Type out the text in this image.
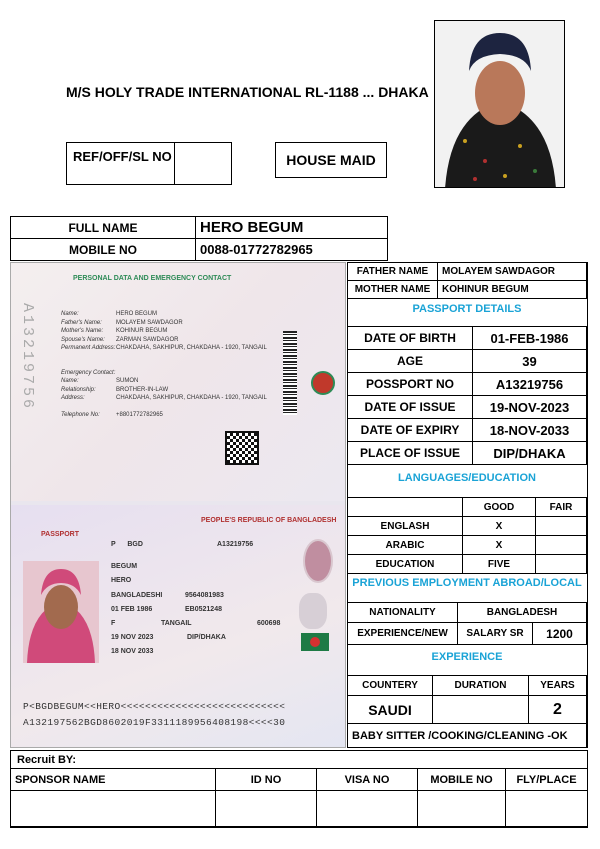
M/S HOLY TRADE INTERNATIONAL RL-1188 ... DHAKA
REF/OFF/SL NO	HOUSE MAID
FULL NAME	HERO BEGUM
MOBILE NO	0088-01772782965
PERSONAL DATA AND EMERGENCY CONTACT
A13219756	Name:	HERO BEGUM
Father's Name:	MOLAYEM SAWDAGOR
Mother's Name:	KOHINUR BEGUM
Spouse's Name:	ZARMAN SAWDAGOR
Permanent Address: CHAKDAHA, SAKHIPUR, CHAKDAHA - 1920, TANGAIL
Emergency Contact:
Name:	SUMON
Relationship:	BROTHER-IN-LAW
Address:	CHAKDAHA, SAKHIPUR, CHAKDAHA - 1920, TANGAIL
Telephone No:	+8801772782965
PASSPORT
PEOPLE'S REPUBLIC OF BANGLADESH
P BGD	A13219756
BEGUM
HERO
BANGLADESHI	9564081983
01 FEB 1986	EB0521248
F	TANGAIL	600698
19 NOV 2023	DIP/DHAKA
18 NOV 2033
P<BGDBEGUM<<HERO<<<<<<<<<<<<<<<<<<<<<<<<<<<
A132197562BGD8602019F3311189956408198<<<<30
FATHER NAME	MOLAYEM SAWDAGOR
MOTHER NAME	KOHINUR BEGUM
PASSPORT DETAILS
DATE OF BIRTH	01-FEB-1986
AGE	39
POSSPORT NO	A13219756
DATE OF ISSUE	19-NOV-2023
DATE OF EXPIRY	18-NOV-2033
PLACE OF ISSUE	DIP/DHAKA
LANGUAGES/EDUCATION
	GOOD	FAIR
ENGLASH	X	
ARABIC	X	
EDUCATION	FIVE	
PREVIOUS EMPLOYMENT ABROAD/LOCAL
NATIONALITY	BANGLADESH	
EXPERIENCE/NEW	SALARY SR	1200
EXPERIENCE
COUNTERY	DURATION	YEARS
SAUDI		2
BABY SITTER /COOKING/CLEANING -OK		
Recruit BY:
SPONSOR NAME	ID NO	VISA NO	MOBILE NO	FLY/PLACE
